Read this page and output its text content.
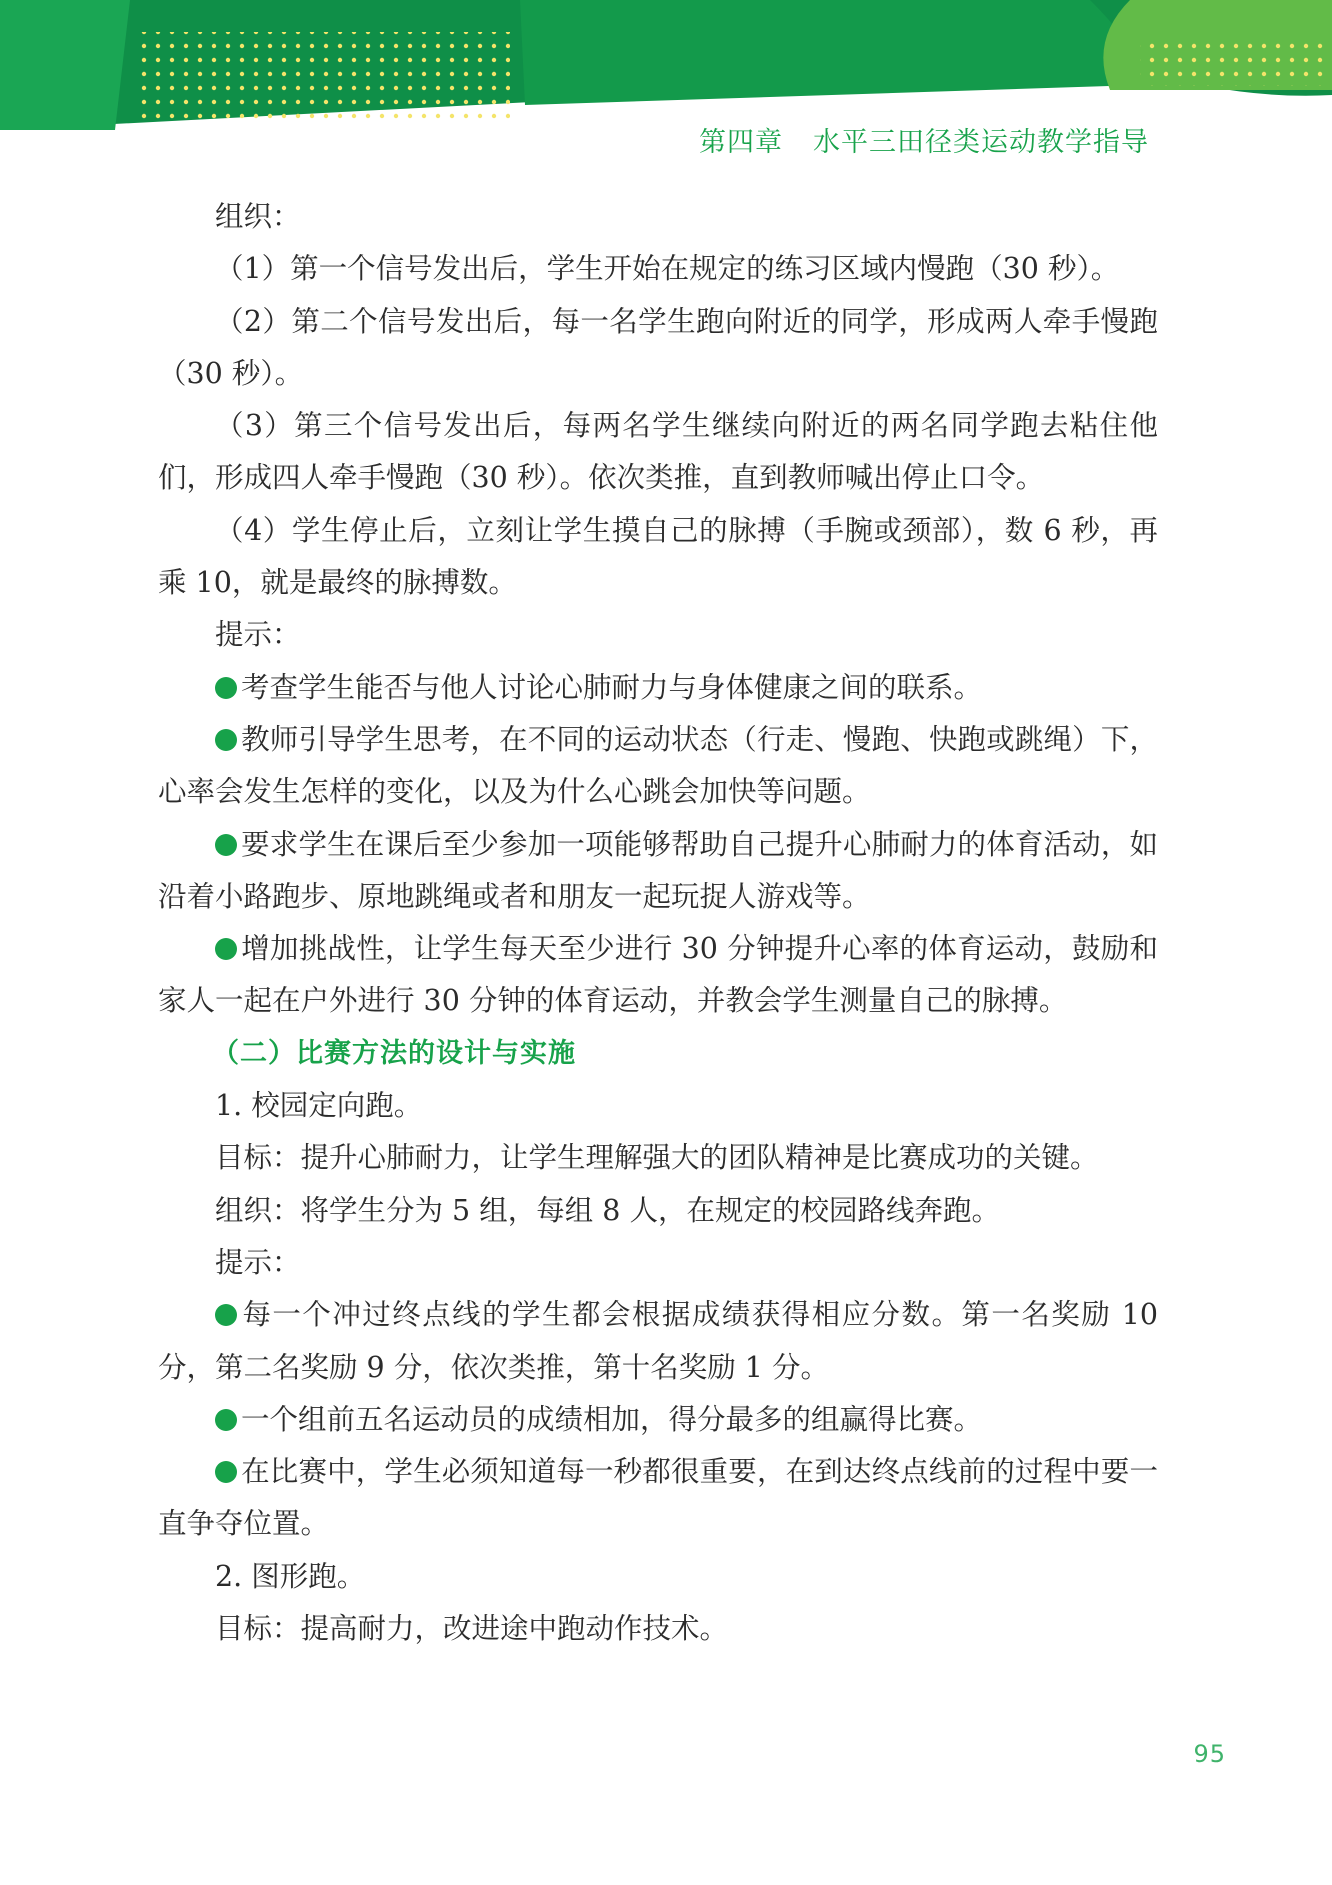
第四章 水平三田径类运动教学指导

组织：

（1）第一个信号发出后，学生开始在规定的练习区域内慢跑（30 秒）。

（2）第二个信号发出后，每一名学生跑向附近的同学，形成两人牵手慢跑（30 秒）。

（3）第三个信号发出后，每两名学生继续向附近的两名同学跑去粘住他们，形成四人牵手慢跑（30 秒）。依次类推，直到教师喊出停止口令。

（4）学生停止后，立刻让学生摸自己的脉搏（手腕或颈部），数 6 秒，再乘 10，就是最终的脉搏数。

提示：

考查学生能否与他人讨论心肺耐力与身体健康之间的联系。

教师引导学生思考，在不同的运动状态（行走、慢跑、快跑或跳绳）下，心率会发生怎样的变化，以及为什么心跳会加快等问题。

要求学生在课后至少参加一项能够帮助自己提升心肺耐力的体育活动，如沿着小路跑步、原地跳绳或者和朋友一起玩捉人游戏等。

增加挑战性，让学生每天至少进行 30 分钟提升心率的体育运动，鼓励和家人一起在户外进行 30 分钟的体育运动，并教会学生测量自己的脉搏。

（二）比赛方法的设计与实施

1. 校园定向跑。

目标：提升心肺耐力，让学生理解强大的团队精神是比赛成功的关键。

组织：将学生分为 5 组，每组 8 人，在规定的校园路线奔跑。

提示：

每一个冲过终点线的学生都会根据成绩获得相应分数。第一名奖励 10 分，第二名奖励 9 分，依次类推，第十名奖励 1 分。

一个组前五名运动员的成绩相加，得分最多的组赢得比赛。

在比赛中，学生必须知道每一秒都很重要，在到达终点线前的过程中要一直争夺位置。

2. 图形跑。

目标：提高耐力，改进途中跑动作技术。

95
